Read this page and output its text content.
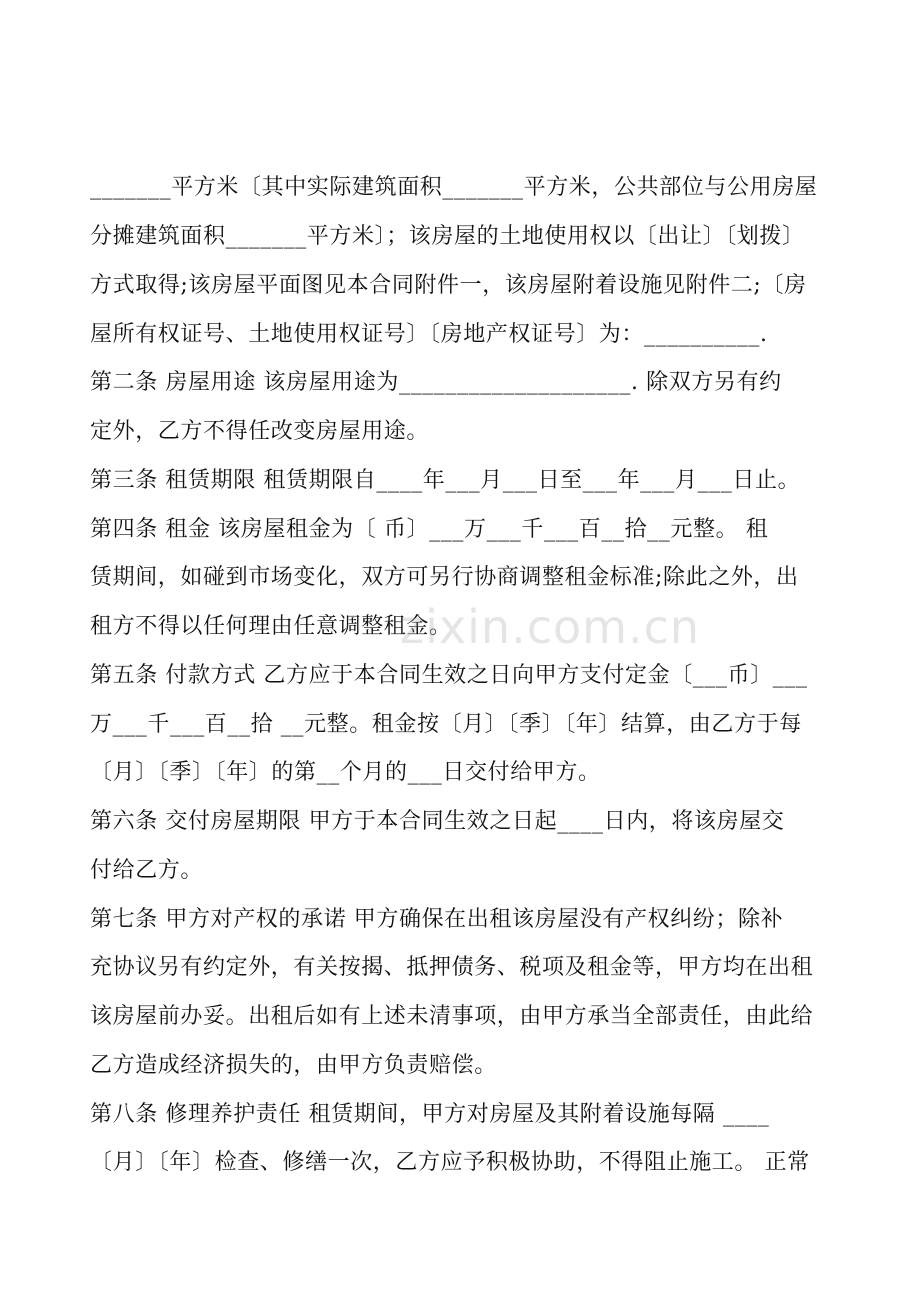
_______平方米〔其中实际建筑面积_______平方米，公共部位与公用房屋
分摊建筑面积_______平方米〕；该房屋的土地使用权以〔出让〕〔划拨〕
方式取得;该房屋平面图见本合同附件一，该房屋附着设施见附件二;〔房
屋所有权证号、土地使用权证号〕〔房地产权证号〕为：__________.
第二条 房屋用途 该房屋用途为____________________. 除双方另有约
定外，乙方不得任改变房屋用途。
第三条 租赁期限 租赁期限自____年___月___日至___年___月___日止。
第四条 租金 该房屋租金为〔 币〕___万___千___百__拾__元整。 租
赁期间，如碰到市场变化，双方可另行协商调整租金标准;除此之外，出
租方不得以任何理由任意调整租金。
第五条 付款方式 乙方应于本合同生效之日向甲方支付定金〔___币〕___
万___千___百__拾 __元整。租金按〔月〕〔季〕〔年〕结算，由乙方于每
〔月〕〔季〕〔年〕的第__个月的___日交付给甲方。
第六条 交付房屋期限 甲方于本合同生效之日起____日内，将该房屋交
付给乙方。
第七条 甲方对产权的承诺 甲方确保在出租该房屋没有产权纠纷；除补
充协议另有约定外，有关按揭、抵押债务、税项及租金等，甲方均在出租
该房屋前办妥。出租后如有上述未清事项，由甲方承当全部责任，由此给
乙方造成经济损失的，由甲方负责赔偿。
第八条 修理养护责任 租赁期间，甲方对房屋及其附着设施每隔 ____
〔月〕〔年〕检查、修缮一次，乙方应予积极协助，不得阻止施工。 正常
zixin.com.cn
